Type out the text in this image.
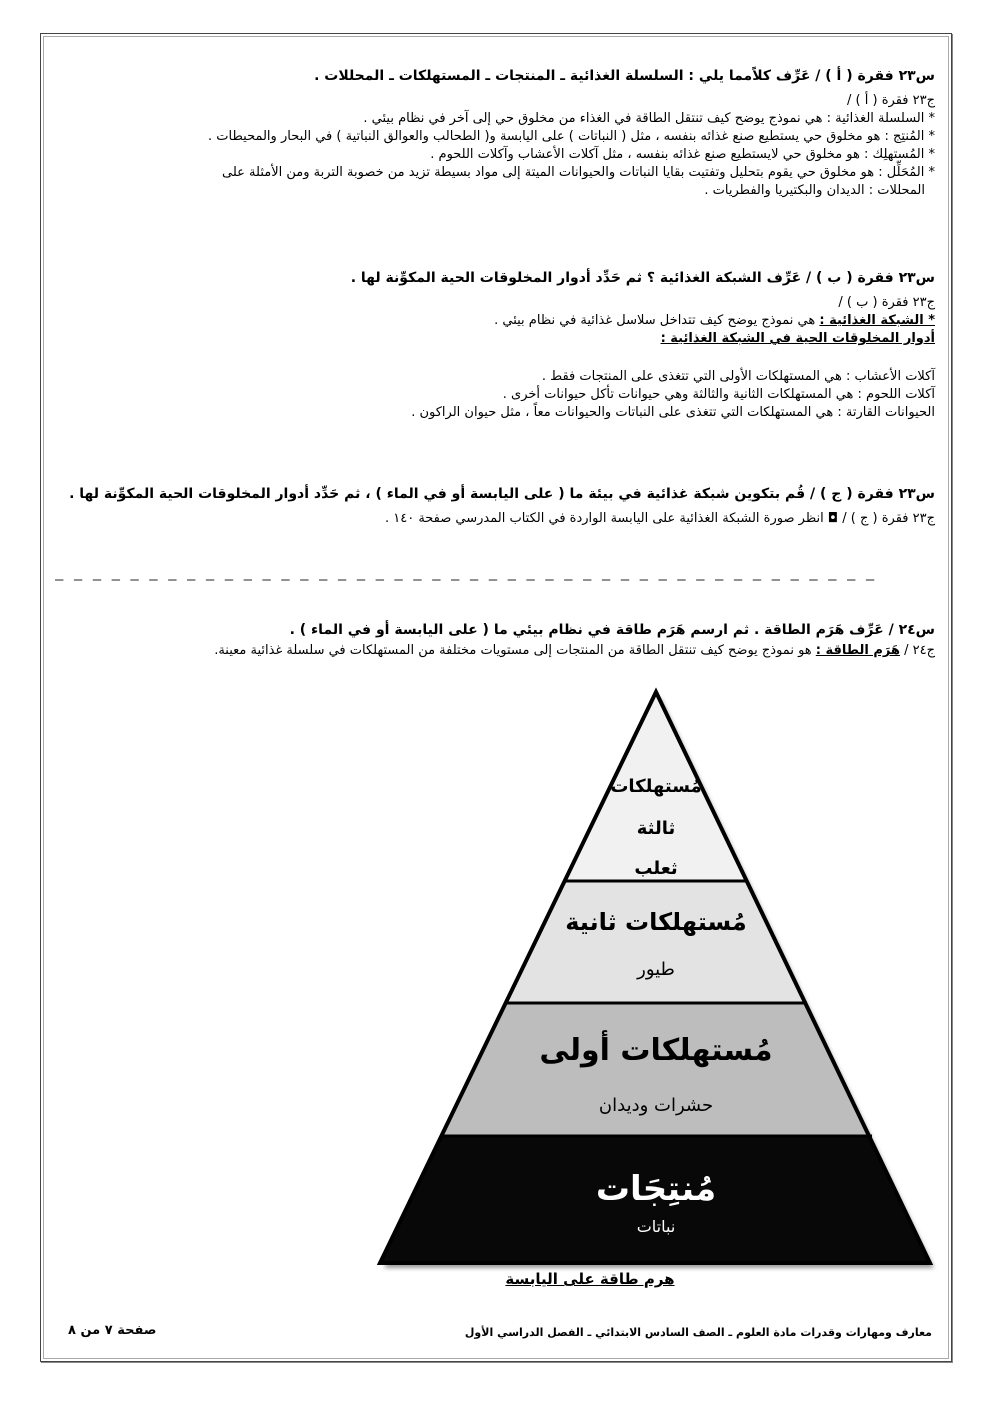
س٢٣ فقرة ( أ ) / عَرِّف كلاًمما يلي : السلسلة الغذائية ـ المنتجات ـ المستهلكات ـ المحللات .
ج٢٣ فقرة ( أ ) /
* السلسلة الغذائية : هي نموذج يوضح كيف تنتقل الطاقة في الغذاء من مخلوق حي إلى آخر في نظام بيئي .
* المُنتِج : هو مخلوق حي يستطيع صنع غذائه بنفسه ، مثل ( النباتات ) على اليابسة و( الطحالب والعوالق النباتية ) في البحار والمحيطات .
* المُستهلِك : هو مخلوق حي لايستطيع صنع غذائه بنفسه ، مثل آكلات الأعشاب وآكلات اللحوم .
* المُحَلِّل : هو مخلوق حي يقوم بتحليل وتفتيت بقايا النباتات والحيوانات الميتة إلى مواد بسيطة تزيد من خصوبة التربة ومن الأمثلة على
المحللات : الديدان والبكتيريا والفطريات .
س٢٣ فقرة ( ب ) / عَرِّف الشبكة الغذائية ؟ ثم حَدِّد أدوار المخلوقات الحية المكوِّنة لها .
ج٢٣ فقرة ( ب ) /
* الشبكة الغذائية : هي نموذج يوضح كيف تتداخل سلاسل غذائية في نظام بيئي .
أدوار المخلوقات الحية في الشبكة الغذائية :
آكلات الأعشاب : هي المستهلكات الأولى التي تتغذى على المنتجات فقط .
آكلات اللحوم : هي المستهلكات الثانية والثالثة وهي حيوانات تأكل حيوانات أخرى .
الحيوانات القارتة : هي المستهلكات التي تتغذى على النباتات والحيوانات معاً ، مثل حيوان الراكون .
س٢٣ فقرة ( ج ) / قُم بتكوين شبكة غذائية في بيئة ما ( على اليابسة أو في الماء ) ، ثم حَدِّد أدوار المخلوقات الحية المكوِّنة لها .
ج٢٣ فقرة ( ج ) / ◘ انظر صورة الشبكة الغذائية على اليابسة الواردة في الكتاب المدرسي صفحة ١٤٠ .
— — — — — — — — — — — — — — — — — — — — — — — — — — — — — — — — — — — — — — — — — — — —
س٢٤ / عَرِّف هَرَم الطاقة . ثم ارسم هَرَم طاقة في نظام بيئي ما ( على اليابسة أو في الماء ) .
ج٢٤ / هَرَم الطاقة : هو نموذج يوضح كيف تنتقل الطاقة من المنتجات إلى مستويات مختلفة من المستهلكات في سلسلة غذائية معينة.
مُستهلكات
ثالثة
ثعلب
مُستهلكات ثانية
طيور
مُستهلكات أولى
حشرات وديدان
مُنتِجَات
نباتات
هرم طاقة على اليابسة
صفحة ٧ من ٨	معارف ومهارات وقدرات مادة العلوم ـ الصف السادس الابتدائي ـ الفصل الدراسي الأول
